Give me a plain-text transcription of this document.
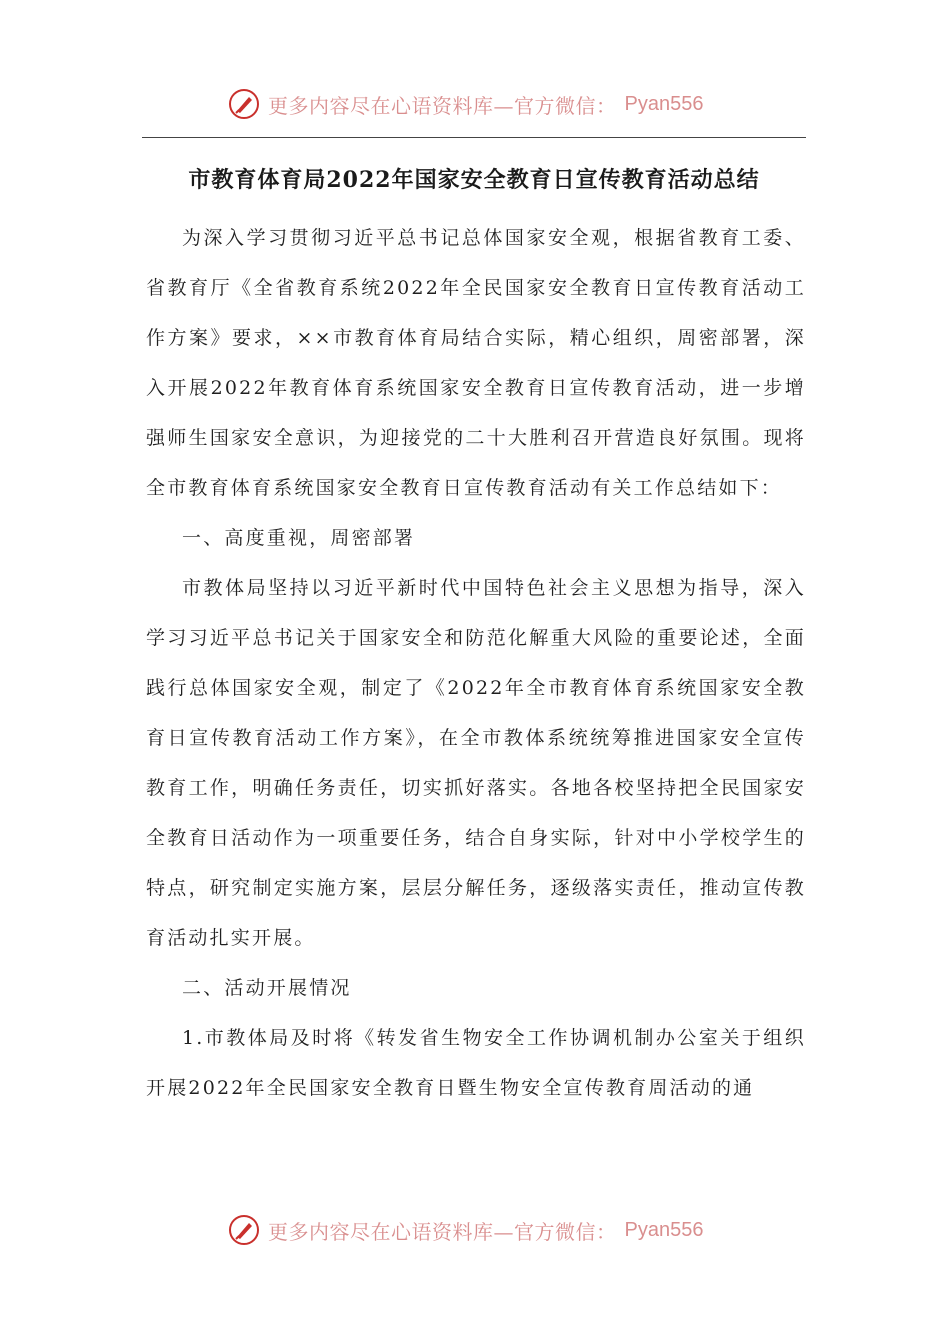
更多内容尽在心语资料库—官方微信： Pyan556
市教育体育局2022年国家安全教育日宣传教育活动总结

为深入学习贯彻习近平总书记总体国家安全观，根据省教育工委、省教育厅《全省教育系统2022年全民国家安全教育日宣传教育活动工作方案》要求，××市教育体育局结合实际，精心组织，周密部署，深入开展2022年教育体育系统国家安全教育日宣传教育活动，进一步增强师生国家安全意识，为迎接党的二十大胜利召开营造良好氛围。现将全市教育体育系统国家安全教育日宣传教育活动有关工作总结如下：

一、高度重视，周密部署

市教体局坚持以习近平新时代中国特色社会主义思想为指导，深入学习习近平总书记关于国家安全和防范化解重大风险的重要论述，全面践行总体国家安全观，制定了《2022年全市教育体育系统国家安全教育日宣传教育活动工作方案》，在全市教体系统统筹推进国家安全宣传教育工作，明确任务责任，切实抓好落实。各地各校坚持把全民国家安全教育日活动作为一项重要任务，结合自身实际，针对中小学校学生的特点，研究制定实施方案，层层分解任务，逐级落实责任，推动宣传教育活动扎实开展。

二、活动开展情况

1.市教体局及时将《转发省生物安全工作协调机制办公室关于组织开展2022年全民国家安全教育日暨生物安全宣传教育周活动的通

更多内容尽在心语资料库—官方微信： Pyan556
